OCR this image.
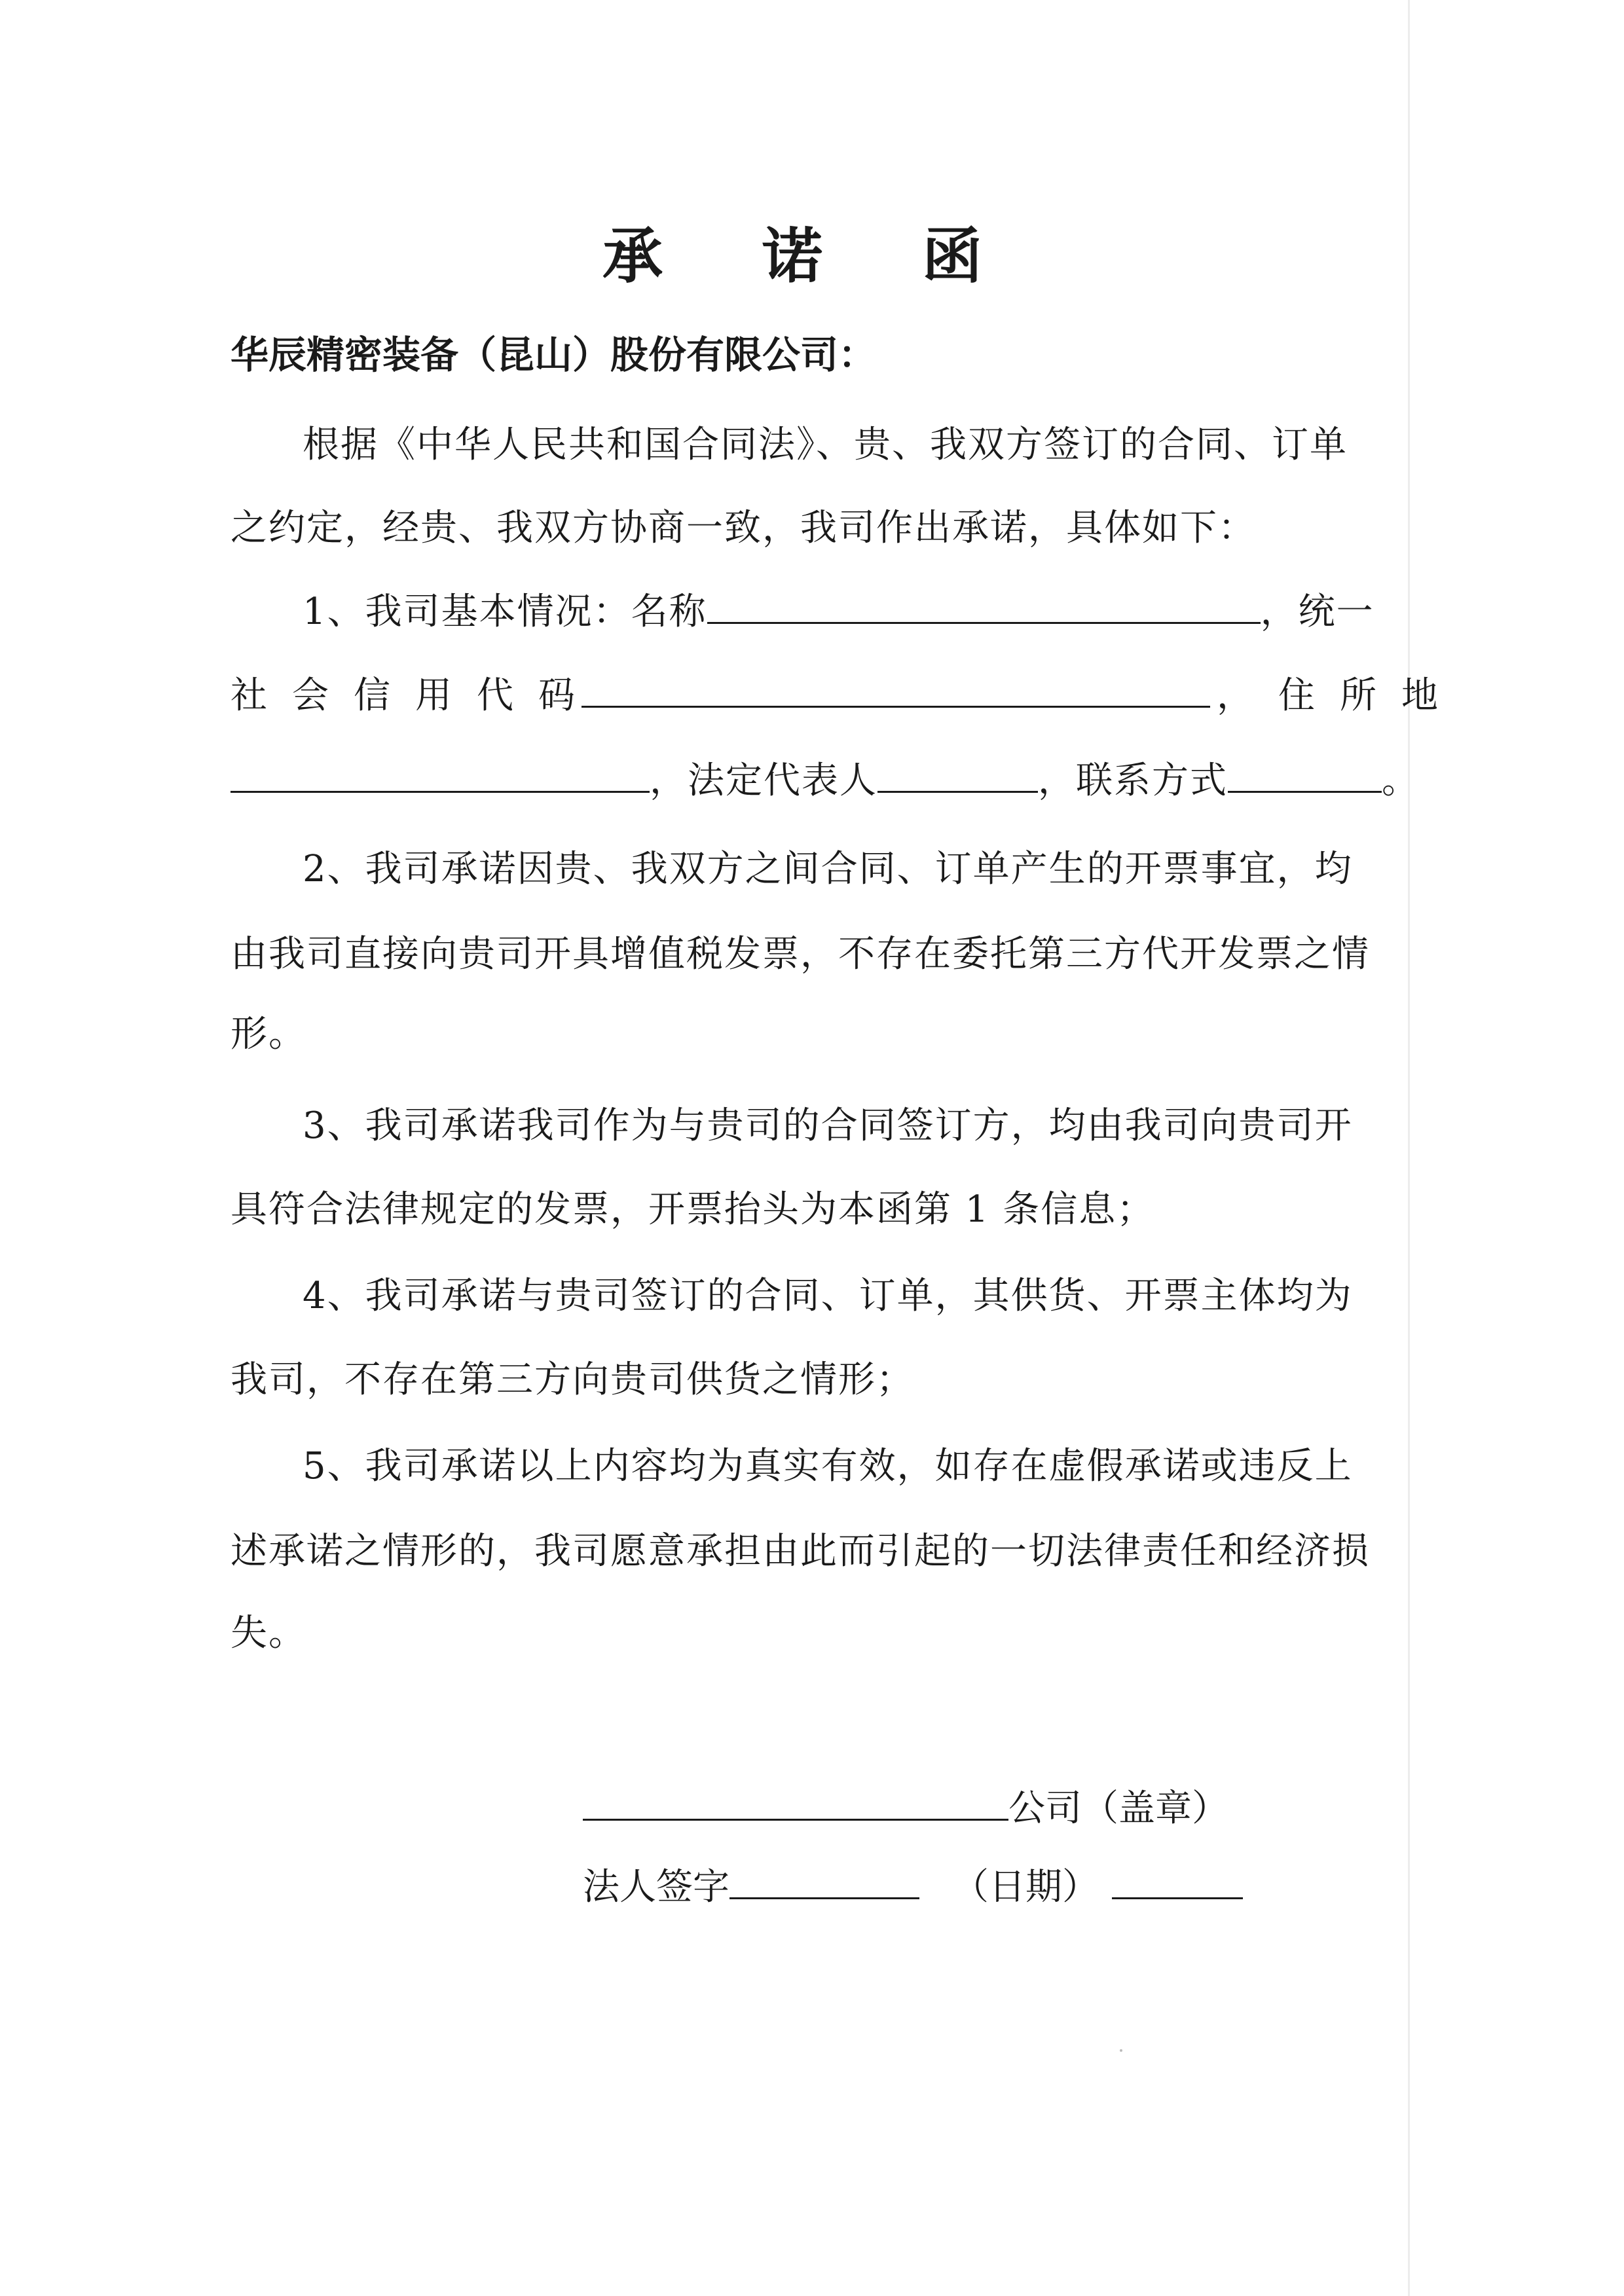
承 诺 函
华辰精密装备（昆山）股份有限公司：
根据《中华人民共和国合同法》、贵、我双方签订的合同、订单
之约定，经贵、我双方协商一致，我司作出承诺，具体如下：
1、我司基本情况：名称	，统一
社会信用代码	，住所地
，法定代表人	，联系方式	。
2、我司承诺因贵、我双方之间合同、订单产生的开票事宜，均
由我司直接向贵司开具增值税发票，不存在委托第三方代开发票之情
形。
3、我司承诺我司作为与贵司的合同签订方，均由我司向贵司开
具符合法律规定的发票，开票抬头为本函第 1 条信息；
4、我司承诺与贵司签订的合同、订单，其供货、开票主体均为
我司，不存在第三方向贵司供货之情形；
5、我司承诺以上内容均为真实有效，如存在虚假承诺或违反上
述承诺之情形的，我司愿意承担由此而引起的一切法律责任和经济损
失。
公司（盖章）
法人签字	（日期）
